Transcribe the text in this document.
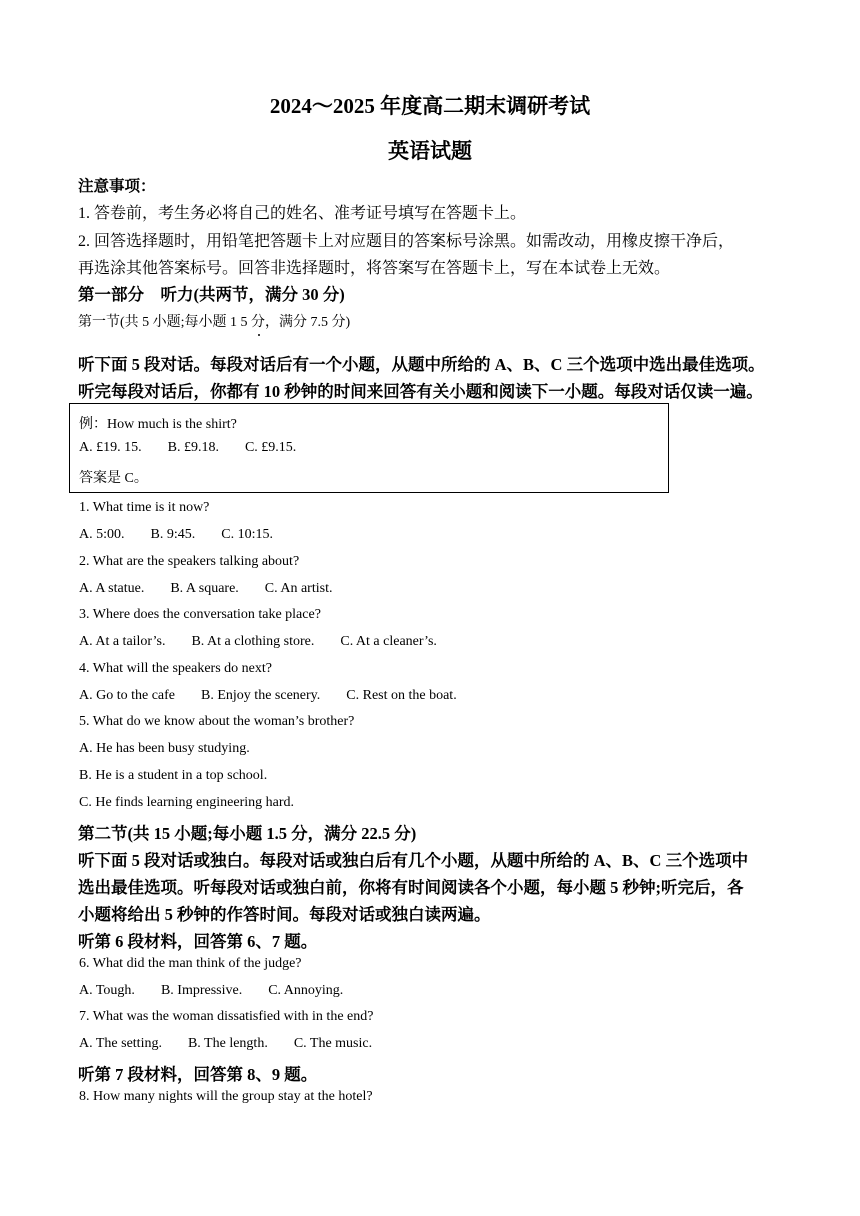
2024～2025 年度高二期末调研考试
英语试题
注意事项：
1. 答卷前，考生务必将自己的姓名、准考证号填写在答题卡上。
2. 回答选择题时，用铅笔把答题卡上对应题目的答案标号涂黑。如需改动，用橡皮擦干净后，
再选涂其他答案标号。回答非选择题时，将答案写在答题卡上，写在本试卷上无效。
第一部分　听力(共两节，满分 30 分)
第一节(共 5 小题;每小题 1 5 分，满分 7.5 分)
听下面 5 段对话。每段对话后有一个小题，从题中所给的 A、B、C 三个选项中选出最佳选项。
听完每段对话后，你都有 10 秒钟的时间来回答有关小题和阅读下一小题。每段对话仅读一遍。
例：How much is the shirt?
A. £19. 15. B. £9.18. C. £9.15.
答案是 C。
1. What time is it now?
A. 5:00. B. 9:45. C. 10:15.
2. What are the speakers talking about?
A. A statue. B. A square. C. An artist.
3. Where does the conversation take place?
A. At a tailor’s. B. At a clothing store. C. At a cleaner’s.
4. What will the speakers do next?
A. Go to the cafe B. Enjoy the scenery. C. Rest on the boat.
5. What do we know about the woman’s brother?
A. He has been busy studying.
B. He is a student in a top school.
C. He finds learning engineering hard.
第二节(共 15 小题;每小题 1.5 分，满分 22.5 分)
听下面 5 段对话或独白。每段对话或独白后有几个小题，从题中所给的 A、B、C 三个选项中
选出最佳选项。听每段对话或独白前，你将有时间阅读各个小题，每小题 5 秒钟;听完后，各
小题将给出 5 秒钟的作答时间。每段对话或独白读两遍。
听第 6 段材料，回答第 6、7 题。
6. What did the man think of the judge?
A. Tough. B. Impressive. C. Annoying.
7. What was the woman dissatisfied with in the end?
A. The setting. B. The length. C. The music.
听第 7 段材料，回答第 8、9 题。
8. How many nights will the group stay at the hotel?
